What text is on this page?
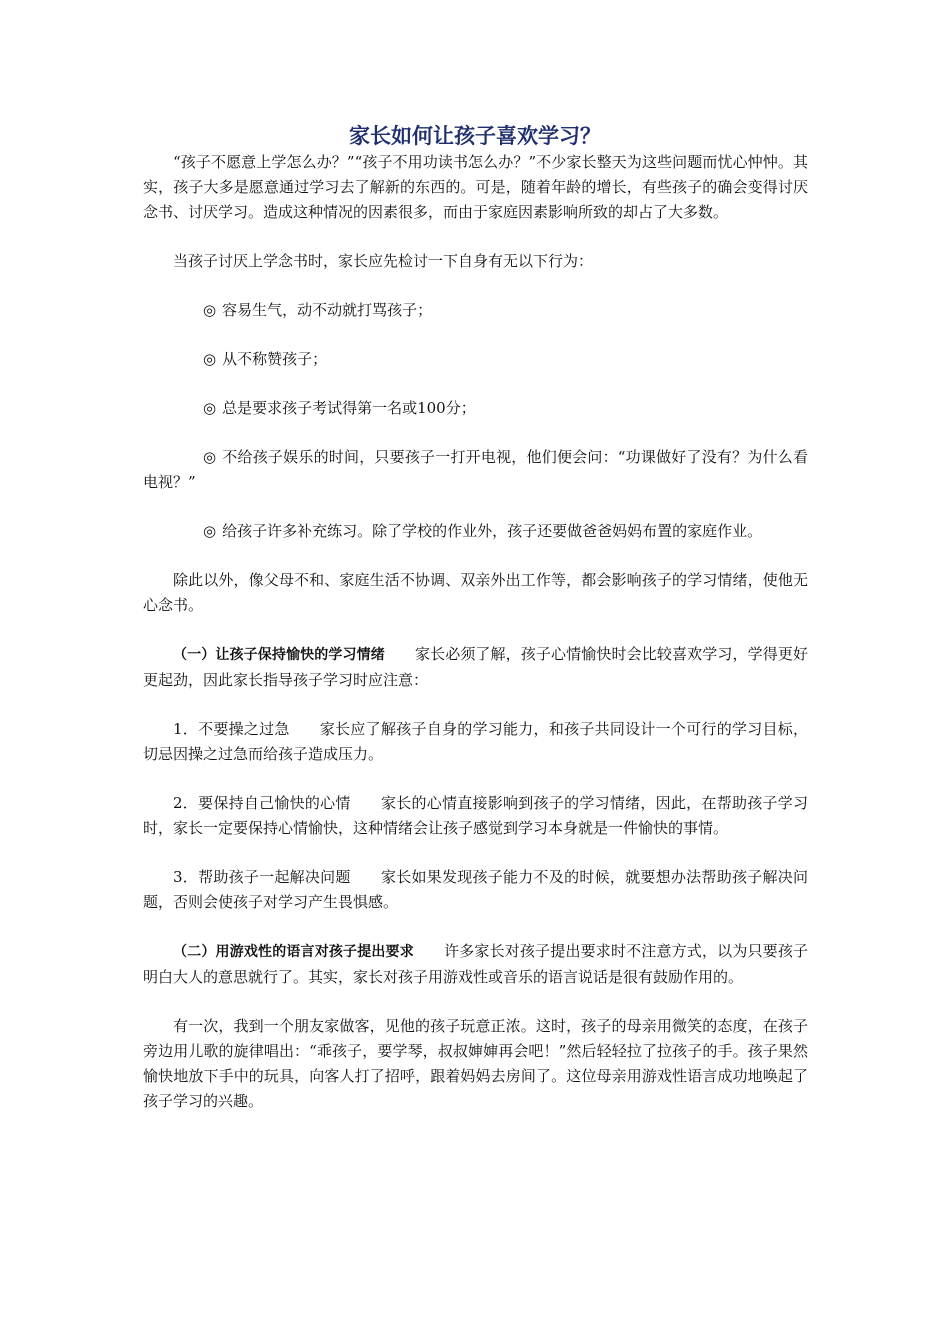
家长如何让孩子喜欢学习？

“孩子不愿意上学怎么办？”“孩子不用功读书怎么办？”不少家长整天为这些问题而忧心忡忡。其实，孩子大多是愿意通过学习去了解新的东西的。可是，随着年龄的增长，有些孩子的确会变得讨厌念书、讨厌学习。造成这种情况的因素很多，而由于家庭因素影响所致的却占了大多数。

当孩子讨厌上学念书时，家长应先检讨一下自身有无以下行为：

◎ 容易生气，动不动就打骂孩子；

◎ 从不称赞孩子；

◎ 总是要求孩子考试得第一名或100分；

◎ 不给孩子娱乐的时间，只要孩子一打开电视，他们便会问：“功课做好了没有？为什么看电视？”

◎ 给孩子许多补充练习。除了学校的作业外，孩子还要做爸爸妈妈布置的家庭作业。

除此以外，像父母不和、家庭生活不协调、双亲外出工作等，都会影响孩子的学习情绪，使他无心念书。

（一）让孩子保持愉快的学习情绪 家长必须了解，孩子心情愉快时会比较喜欢学习，学得更好更起劲，因此家长指导孩子学习时应注意：

1．不要操之过急 家长应了解孩子自身的学习能力，和孩子共同设计一个可行的学习目标，切忌因操之过急而给孩子造成压力。

2．要保持自己愉快的心情 家长的心情直接影响到孩子的学习情绪，因此，在帮助孩子学习时，家长一定要保持心情愉快，这种情绪会让孩子感觉到学习本身就是一件愉快的事情。

3．帮助孩子一起解决问题 家长如果发现孩子能力不及的时候，就要想办法帮助孩子解决问题，否则会使孩子对学习产生畏惧感。

（二）用游戏性的语言对孩子提出要求 许多家长对孩子提出要求时不注意方式，以为只要孩子明白大人的意思就行了。其实，家长对孩子用游戏性或音乐的语言说话是很有鼓励作用的。

有一次，我到一个朋友家做客，见他的孩子玩意正浓。这时，孩子的母亲用微笑的态度，在孩子旁边用儿歌的旋律唱出：“乖孩子，要学琴，叔叔婶婶再会吧！”然后轻轻拉了拉孩子的手。孩子果然愉快地放下手中的玩具，向客人打了招呼，跟着妈妈去房间了。这位母亲用游戏性语言成功地唤起了孩子学习的兴趣。
